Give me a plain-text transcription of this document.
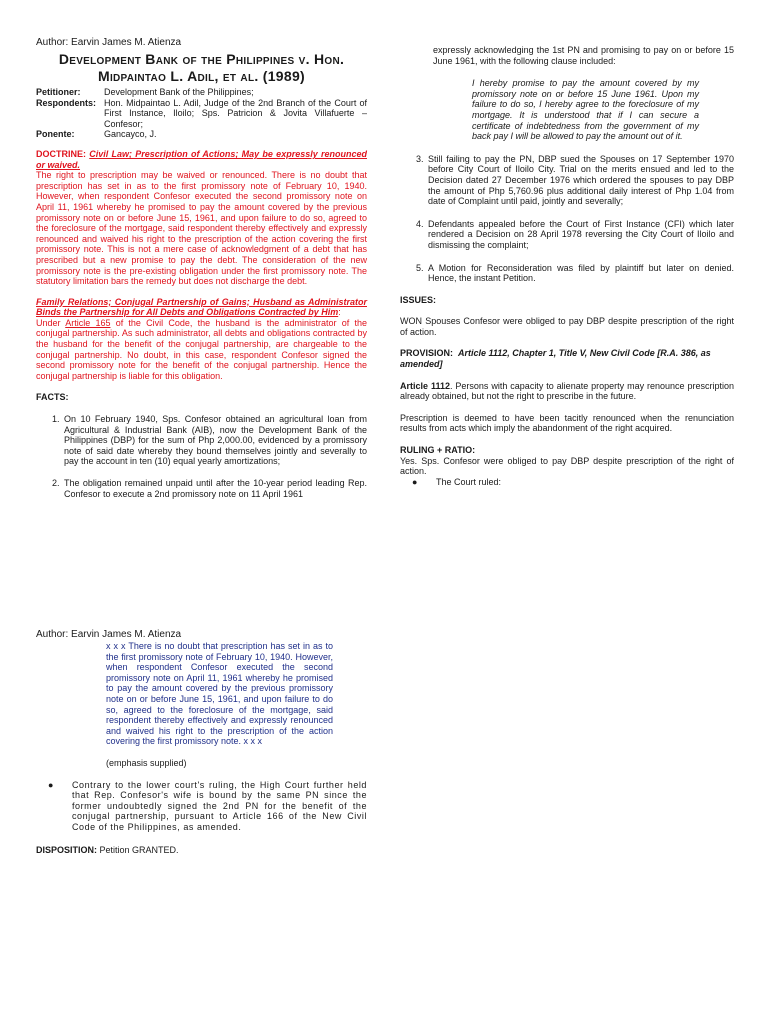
Author: Earvin James M. Atienza

Development Bank of the Philippines v. Hon.

Midpaintao L. Adil, et al. (1989)

Petitioner:	Development Bank of the Philippines;
Respondents:	Hon. Midpaintao L. Adil, Judge of the 2nd Branch of the Court of First Instance, Iloilo; Sps. Patricion & Jovita Villafuerte – Confesor;
Ponente:	Gancayco, J.

DOCTRINE: Civil Law; Prescription of Actions; May be expressly renounced or waived.

The right to prescription may be waived or renounced. There is no doubt that prescription has set in as to the first promissory note of February 10, 1940. However, when respondent Confesor executed the second promissory note on April 11, 1961 whereby he promised to pay the amount covered by the previous promissory note on or before June 15, 1961, and upon failure to do so, agreed to the foreclosure of the mortgage, said respondent thereby effectively and expressly renounced and waived his right to the prescription of the action covering the first promissory note. This is not a mere case of acknowledgment of a debt that has prescribed but a new promise to pay the debt. The consideration of the new promissory note is the pre-existing obligation under the first promissory note. The statutory limitation bars the remedy but does not discharge the debt.

Family Relations; Conjugal Partnership of Gains; Husband as Administrator Binds the Partnership for All Debts and Obligations Contracted by Him:

Under Article 165 of the Civil Code, the husband is the administrator of the conjugal partnership. As such administrator, all debts and obligations contracted by the husband for the benefit of the conjugal partnership, are chargeable to the conjugal partnership. No doubt, in this case, respondent Confesor signed the second promissory note for the benefit of the conjugal partnership. Hence the conjugal partnership is liable for this obligation.

FACTS:

1. On 10 February 1940, Sps. Confesor obtained an agricultural loan from Agricultural & Industrial Bank (AIB), now the Development Bank of the Philippines (DBP) for the sum of Php 2,000.00, evidenced by a promissory note of said date whereby they bound themselves jointly and severally to pay the account in ten (10) equal yearly amortizations;

2. The obligation remained unpaid until after the 10-year period leading Rep. Confesor to execute a 2nd promissory note on 11 April 1961

expressly acknowledging the 1st PN and promising to pay on or before 15 June 1961, with the following clause included:

I hereby promise to pay the amount covered by my promissory note on or before 15 June 1961. Upon my failure to do so, I hereby agree to the foreclosure of my mortgage. It is understood that if I can secure a certificate of indebtedness from the government of my back pay I will be allowed to pay the amount out of it.

3. Still failing to pay the PN, DBP sued the Spouses on 17 September 1970 before City Court of Iloilo City. Trial on the merits ensued and led to the Decision dated 27 December 1976 which ordered the spouses to pay DBP the amount of Php 5,760.96 plus additional daily interest of Php 1.04 from date of Complaint until paid, jointly and severally;

4. Defendants appealed before the Court of First Instance (CFI) which later rendered a Decision on 28 April 1978 reversing the City Court of Iloilo and dismissing the complaint;

5. A Motion for Reconsideration was filed by plaintiff but later on denied. Hence, the instant Petition.

ISSUES:

WON Spouses Confesor were obliged to pay DBP despite prescription of the right of action.

PROVISION: Article 1112, Chapter 1, Title V, New Civil Code [R.A. 386, as amended]

Article 1112. Persons with capacity to alienate property may renounce prescription already obtained, but not the right to prescribe in the future.

Prescription is deemed to have been tacitly renounced when the renunciation results from acts which imply the abandonment of the right acquired.

RULING + RATIO:

Yes. Sps. Confesor were obliged to pay DBP despite prescription of the right of action.

● The Court ruled:

Author: Earvin James M. Atienza

x x x There is no doubt that prescription has set in as to the first promissory note of February 10, 1940. However, when respondent Confesor executed the second promissory note on April 11, 1961 whereby he promised to pay the amount covered by the previous promissory note on or before June 15, 1961, and upon failure to do so, agreed to the foreclosure of the mortgage, said respondent thereby effectively and expressly renounced and waived his right to the prescription of the action covering the first promissory note. x x x

(emphasis supplied)

● Contrary to the lower court's ruling, the High Court further held that Rep. Confesor's wife is bound by the same PN since the former undoubtedly signed the 2nd PN for the benefit of the conjugal partnership, pursuant to Article 166 of the New Civil Code of the Philippines, as amended.

DISPOSITION: Petition GRANTED.
